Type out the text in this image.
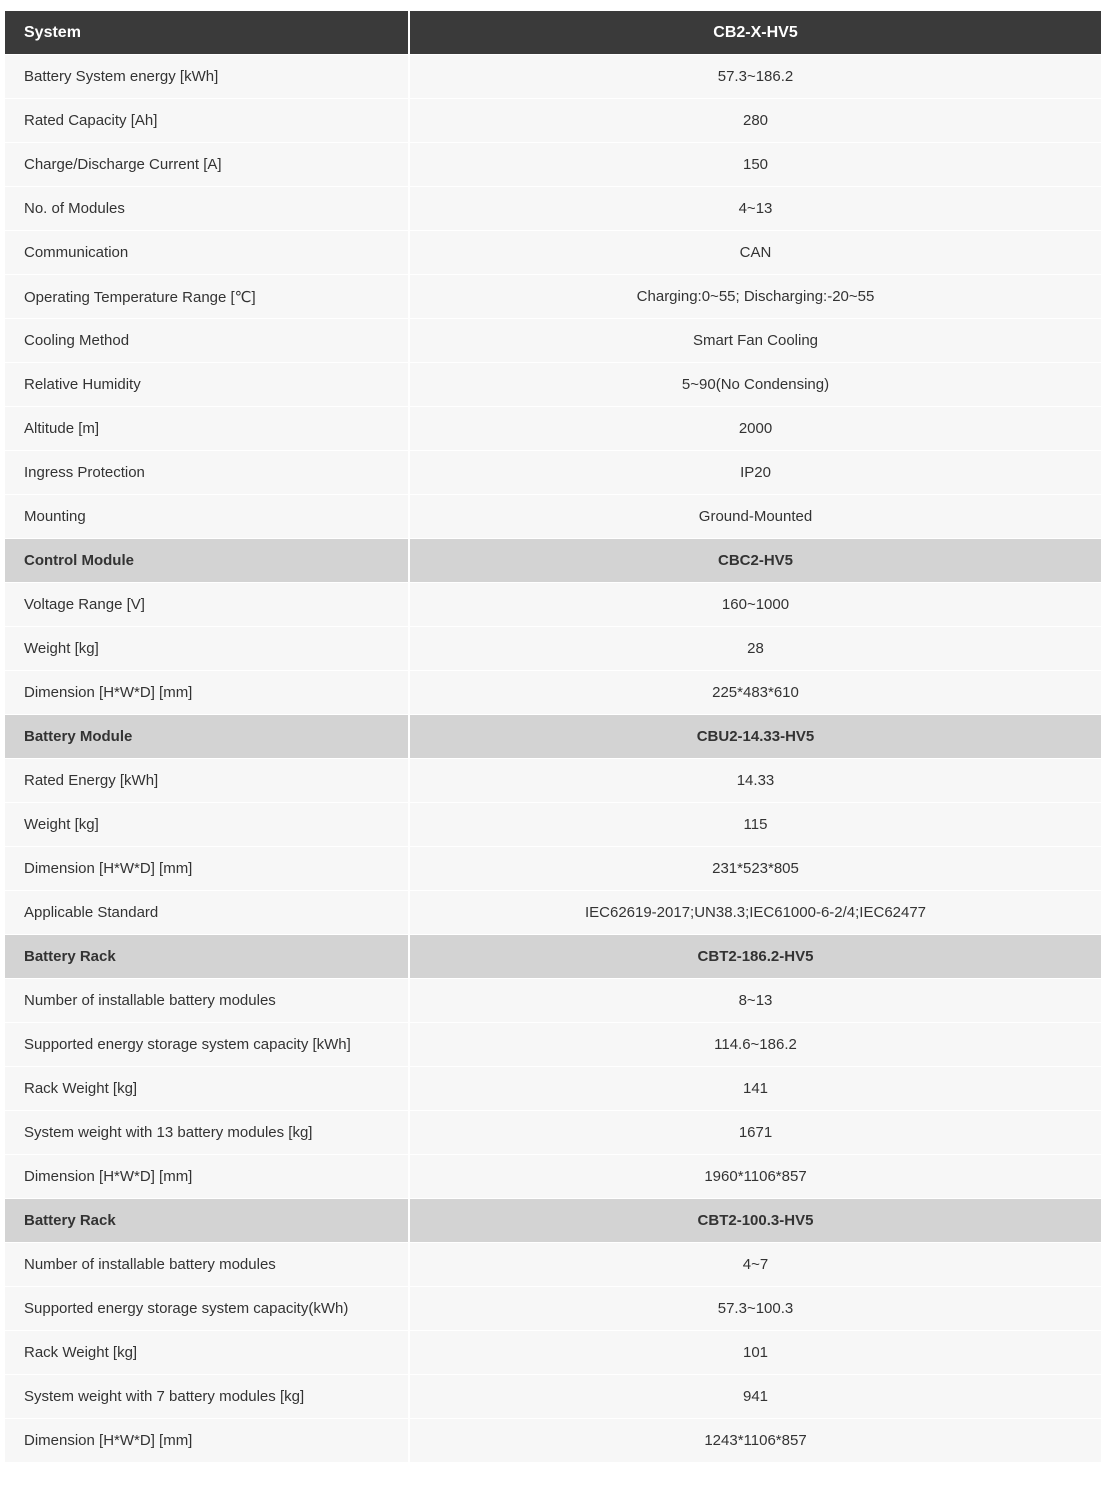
System	CB2-X-HV5
Battery System energy [kWh]	57.3~186.2
Rated Capacity [Ah]	280
Charge/Discharge Current [A]	150
No. of Modules	4~13
Communication	CAN
Operating Temperature Range [℃]	Charging:0~55; Discharging:-20~55
Cooling Method	Smart Fan Cooling
Relative Humidity	5~90(No Condensing)
Altitude [m]	2000
Ingress Protection	IP20
Mounting	Ground-Mounted
Control Module	CBC2-HV5
Voltage Range [V]	160~1000
Weight [kg]	28
Dimension [H*W*D] [mm]	225*483*610
Battery Module	CBU2-14.33-HV5
Rated Energy [kWh]	14.33
Weight [kg]	115
Dimension [H*W*D] [mm]	231*523*805
Applicable Standard	IEC62619-2017;UN38.3;IEC61000-6-2/4;IEC62477
Battery Rack	CBT2-186.2-HV5
Number of installable battery modules	8~13
Supported energy storage system capacity [kWh]	114.6~186.2
Rack Weight [kg]	141
System weight with 13 battery modules [kg]	1671
Dimension [H*W*D] [mm]	1960*1106*857
Battery Rack	CBT2-100.3-HV5
Number of installable battery modules	4~7
Supported energy storage system capacity(kWh)	57.3~100.3
Rack Weight [kg]	101
System weight with 7 battery modules [kg]	941
Dimension [H*W*D] [mm]	1243*1106*857
